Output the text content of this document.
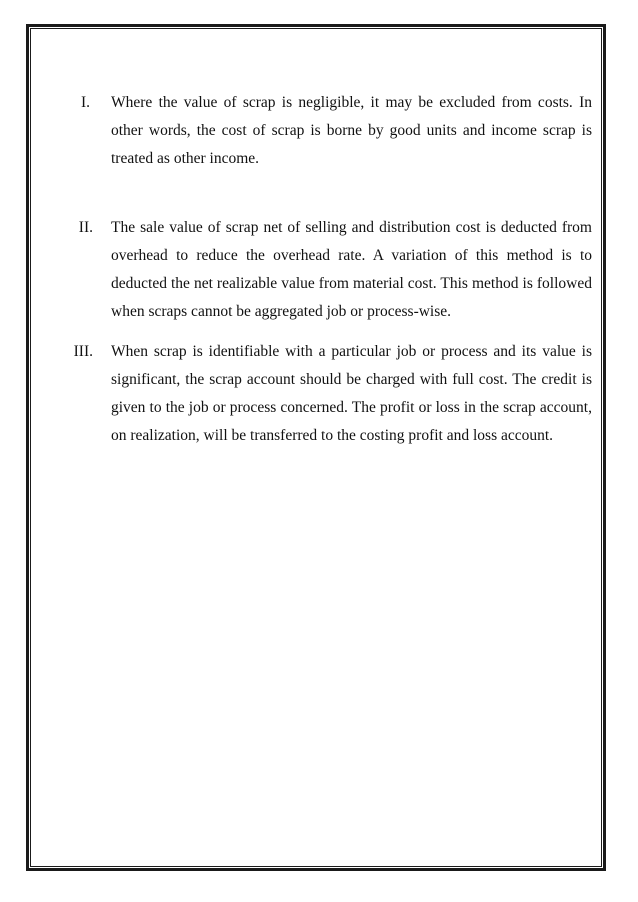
I. Where the value of scrap is negligible, it may be excluded from costs. In other words, the cost of scrap is borne by good units and income scrap is treated as other income.

II. The sale value of scrap net of selling and distribution cost is deducted from overhead to reduce the overhead rate. A variation of this method is to deducted the net realizable value from material cost. This method is followed when scraps cannot be aggregated job or process-wise.

III. When scrap is identifiable with a particular job or process and its value is significant, the scrap account should be charged with full cost. The credit is given to the job or process concerned. The profit or loss in the scrap account, on realization, will be transferred to the costing profit and loss account.
